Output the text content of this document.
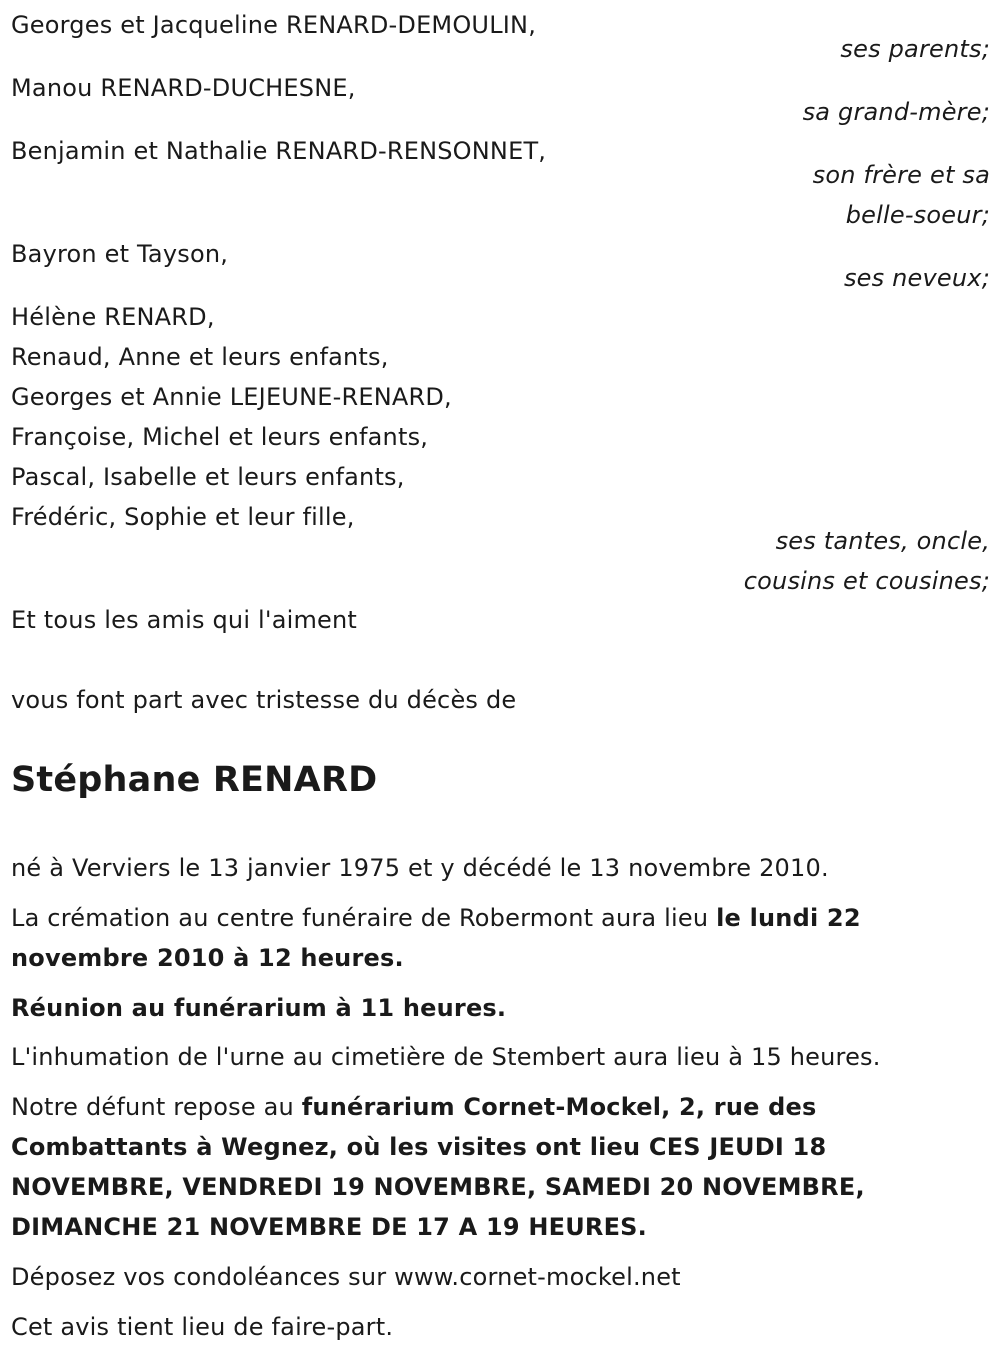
Georges et Jacqueline RENARD-DEMOULIN,
ses parents;
Manou RENARD-DUCHESNE,
sa grand-mère;
Benjamin et Nathalie RENARD-RENSONNET,
son frère et sa
belle-soeur;
Bayron et Tayson,
ses neveux;
Hélène RENARD,
Renaud, Anne et leurs enfants,
Georges et Annie LEJEUNE-RENARD,
Françoise, Michel et leurs enfants,
Pascal, Isabelle et leurs enfants,
Frédéric, Sophie et leur fille,
ses tantes, oncle,
cousins et cousines;
Et tous les amis qui l'aiment
vous font part avec tristesse du décès de
Stéphane RENARD
né à Verviers le 13 janvier 1975 et y décédé le 13 novembre 2010.
La crémation au centre funéraire de Robermont aura lieu le lundi 22 novembre 2010 à 12 heures.
Réunion au funérarium à 11 heures.
L'inhumation de l'urne au cimetière de Stembert aura lieu à 15 heures.
Notre défunt repose au funérarium Cornet-Mockel, 2, rue des Combattants à Wegnez, où les visites ont lieu CES JEUDI 18 NOVEMBRE, VENDREDI 19 NOVEMBRE, SAMEDI 20 NOVEMBRE, DIMANCHE 21 NOVEMBRE DE 17 A 19 HEURES.
Déposez vos condoléances sur www.cornet-mockel.net
Cet avis tient lieu de faire-part.
